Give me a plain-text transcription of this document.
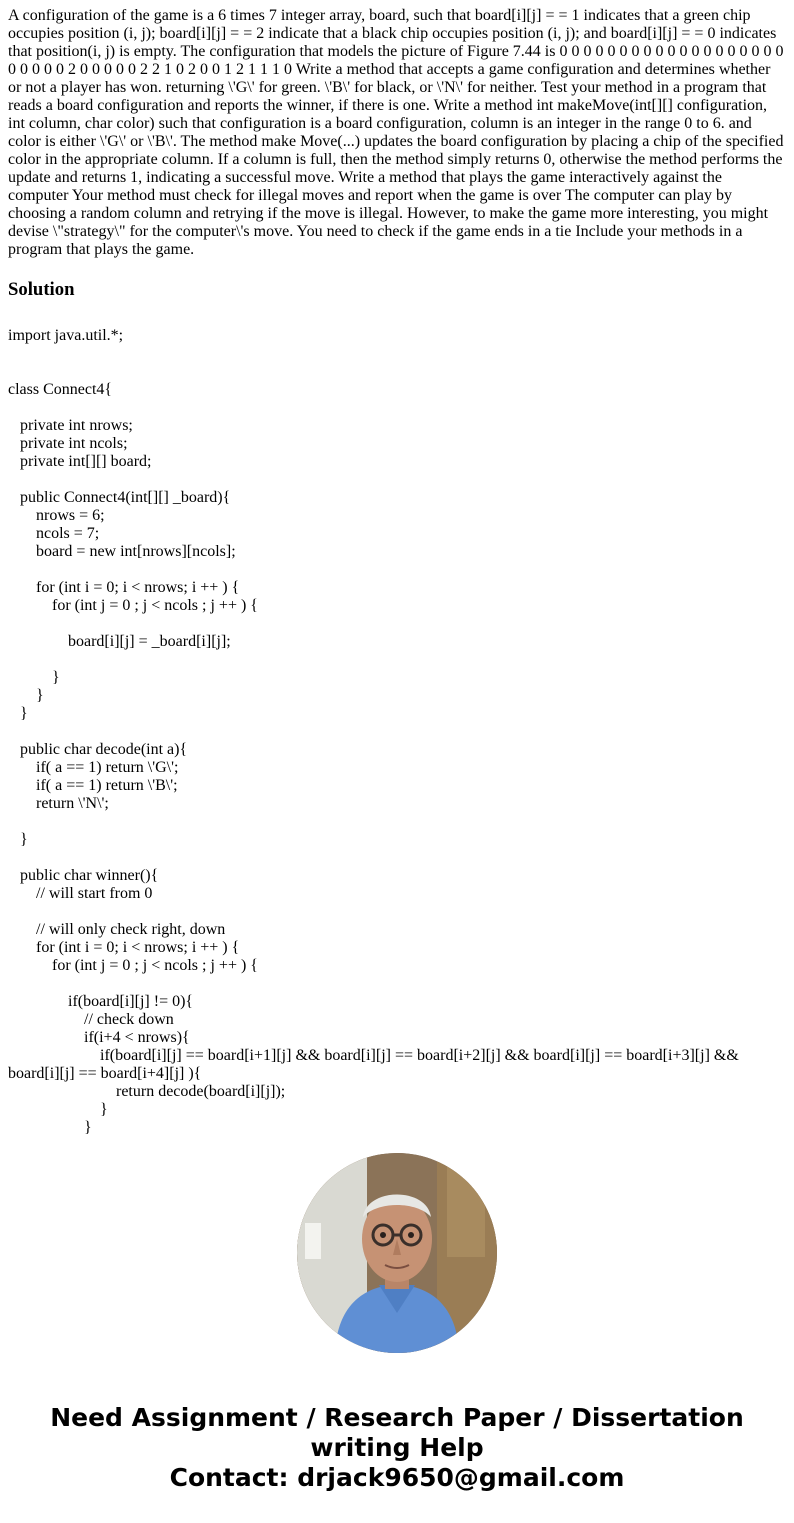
A configuration of the game is a 6 times 7 integer array, board, such that board[i][j] = = 1 indicates that a green chip occupies position (i, j); board[i][j] = = 2 indicate that a black chip occupies position (i, j); and board[i][j] = = 0 indicates that position(i, j) is empty. The configuration that models the picture of Figure 7.44 is 0 0 0 0 0 0 0 0 0 0 0 0 0 0 0 0 0 0 0 0 0 0 0 0 2 0 0 0 0 0 2 2 1 0 2 0 0 1 2 1 1 1 0 Write a method that accepts a game configuration and determines whether or not a player has won. returning \'G\' for green. \'B\' for black, or \'N\' for neither. Test your method in a program that reads a board configuration and reports the winner, if there is one. Write a method int makeMove(int[][] configuration, int column, char color) such that configuration is a board configuration, column is an integer in the range 0 to 6. and color is either \'G\' or \'B\'. The method make Move(...) updates the board configuration by placing a chip of the specified color in the appropriate column. If a column is full, then the method simply returns 0, otherwise the method performs the update and returns 1, indicating a successful move. Write a method that plays the game interactively against the computer Your method must check for illegal moves and report when the game is over The computer can play by choosing a random column and retrying if the move is illegal. However, to make the game more interesting, you might devise \"strategy\" for the computer\'s move. You need to check if the game ends in a tie Include your methods in a program that plays the game.

Solution
import java.util.*;
class Connect4{
private int nrows;
private int ncols;
private int[][] board;
public Connect4(int[][] _board){
nrows = 6;
ncols = 7;
board = new int[nrows][ncols];
for (int i = 0; i < nrows; i ++ ) {
for (int j = 0 ; j < ncols ; j ++ ) {
board[i][j] = _board[i][j];
}
}
}
public char decode(int a){
if( a == 1) return \'G\';
if( a == 1) return \'B\';
return \'N\';
}
public char winner(){
// will start from 0
// will only check right, down
for (int i = 0; i < nrows; i ++ ) {
for (int j = 0 ; j < ncols ; j ++ ) {
if(board[i][j] != 0){
// check down
if(i+4 < nrows){
if(board[i][j] == board[i+1][j] && board[i][j] == board[i+2][j] && board[i][j] == board[i+3][j] && board[i][j] == board[i+4][j] ){
return decode(board[i][j]);
}
}
Need Assignment / Research Paper / Dissertation
writing Help
Contact: drjack9650@gmail.com
